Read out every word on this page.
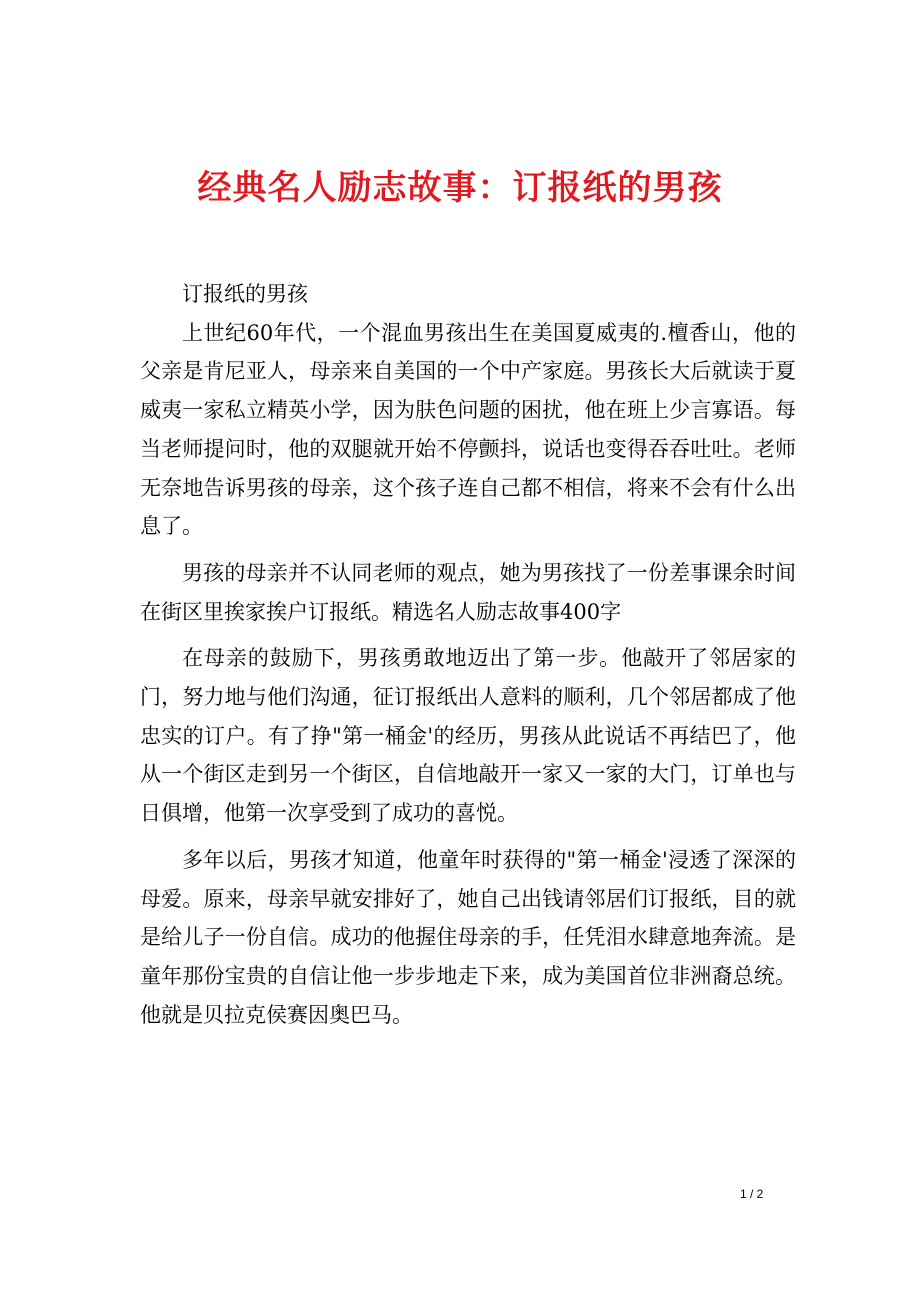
经典名人励志故事：订报纸的男孩

订报纸的男孩

上世纪60年代，一个混血男孩出生在美国夏威夷的.檀香山，他的父亲是肯尼亚人，母亲来自美国的一个中产家庭。男孩长大后就读于夏威夷一家私立精英小学，因为肤色问题的困扰，他在班上少言寡语。每当老师提问时，他的双腿就开始不停颤抖，说话也变得吞吞吐吐。老师无奈地告诉男孩的母亲，这个孩子连自己都不相信，将来不会有什么出息了。

男孩的母亲并不认同老师的观点，她为男孩找了一份差事课余时间在街区里挨家挨户订报纸。精选名人励志故事400字

在母亲的鼓励下，男孩勇敢地迈出了第一步。他敲开了邻居家的门，努力地与他们沟通，征订报纸出人意料的顺利，几个邻居都成了他忠实的订户。有了挣"第一桶金'的经历，男孩从此说话不再结巴了，他从一个街区走到另一个街区，自信地敲开一家又一家的大门，订单也与日俱增，他第一次享受到了成功的喜悦。

多年以后，男孩才知道，他童年时获得的"第一桶金'浸透了深深的母爱。原来，母亲早就安排好了，她自己出钱请邻居们订报纸，目的就是给儿子一份自信。成功的他握住母亲的手，任凭泪水肆意地奔流。是童年那份宝贵的自信让他一步步地走下来，成为美国首位非洲裔总统。他就是贝拉克侯赛因奥巴马。

1 / 2
